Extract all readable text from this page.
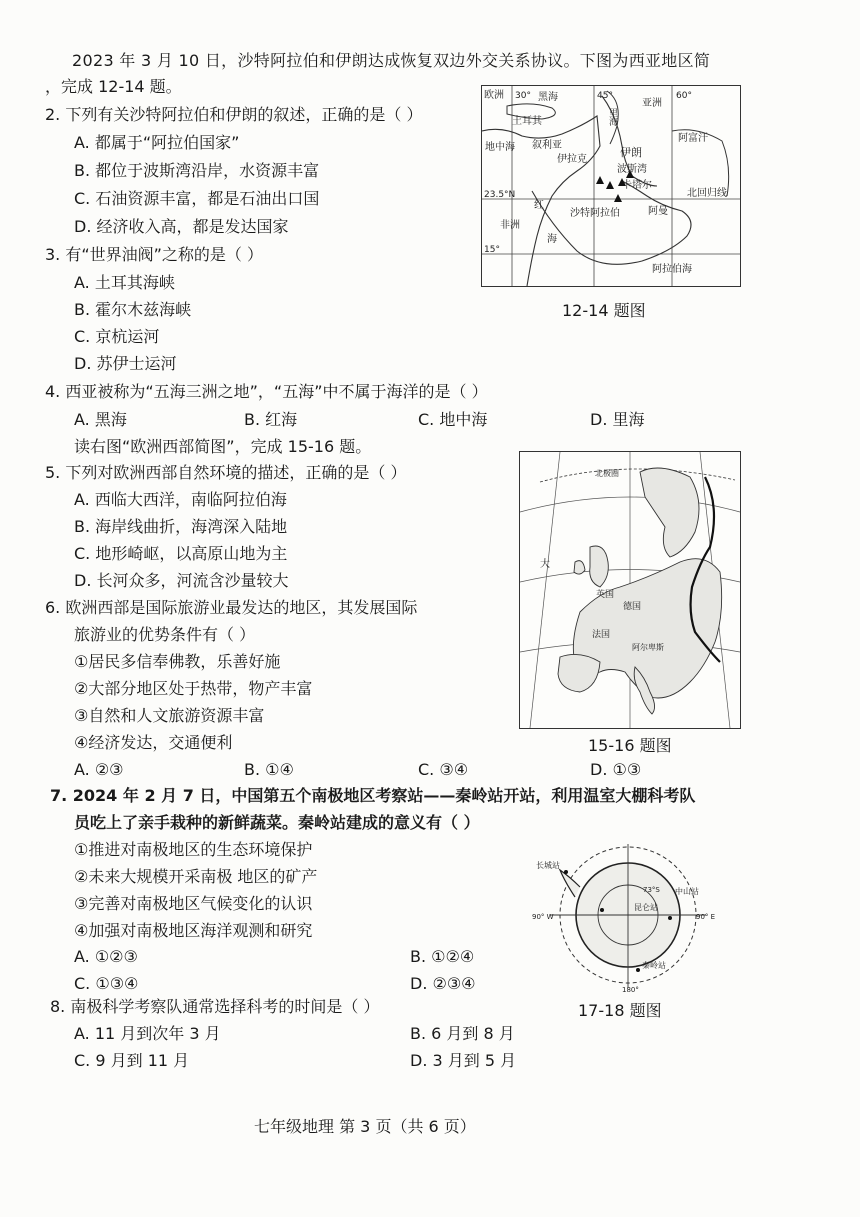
2023 年 3 月 10 日，沙特阿拉伯和伊朗达成恢复双边外交关系协议。下图为西亚地区简
，完成 12-14 题。
2. 下列有关沙特阿拉伯和伊朗的叙述，正确的是（ ）
A. 都属于“阿拉伯国家”
B. 都位于波斯湾沿岸，水资源丰富
C. 石油资源丰富，都是石油出口国
D. 经济收入高，都是发达国家
3. 有“世界油阀”之称的是（ ）
A. 土耳其海峡
B. 霍尔木兹海峡
C. 京杭运河
D. 苏伊士运河
欧洲 30° 黑海	45°
里海
亚洲
60°
土耳其
地中海 叙利亚
伊拉克
伊朗
阿富汗
波斯湾
卡塔尔
23.5°N	北回归线
红
沙特阿拉伯	阿曼
非洲
海
15°
阿拉伯海
12-14 题图
4. 西亚被称为“五海三洲之地”，“五海”中不属于海洋的是（ ）
A. 黑海	B. 红海	C. 地中海	D. 里海
读右图“欧洲西部简图”，完成 15-16 题。
5. 下列对欧洲西部自然环境的描述，正确的是（ ）
A. 西临大西洋，南临阿拉伯海
B. 海岸线曲折，海湾深入陆地
C. 地形崎岖，以高原山地为主
D. 长河众多，河流含沙量较大
6. 欧洲西部是国际旅游业最发达的地区，其发展国际
旅游业的优势条件有（ ）
①居民多信奉佛教，乐善好施
②大部分地区处于热带，物产丰富
③自然和人文旅游资源丰富
④经济发达，交通便利
A. ②③	B. ①④	C. ③④	D. ①③
北极圈
大
英国
德国
法国
阿尔卑斯
15-16 题图
7. 2024 年 2 月 7 日，中国第五个南极地区考察站——秦岭站开站，利用温室大棚科考队
员吃上了亲手栽种的新鲜蔬菜。秦岭站建成的意义有（ ）
①推进对南极地区的生态环境保护
②未来大规模开采南极 地区的矿产
③完善对南极地区气候变化的认识
④加强对南极地区海洋观测和研究
A. ①②③	B. ①②④
C. ①③④	D. ②③④
长城站
中山站
昆仑站
秦岭站
73°S
90° W	90° E
180°
17-18 题图
8. 南极科学考察队通常选择科考的时间是（ ）
A. 11 月到次年 3 月	B. 6 月到 8 月
C. 9 月到 11 月	D. 3 月到 5 月
七年级地理 第 3 页（共 6 页）
